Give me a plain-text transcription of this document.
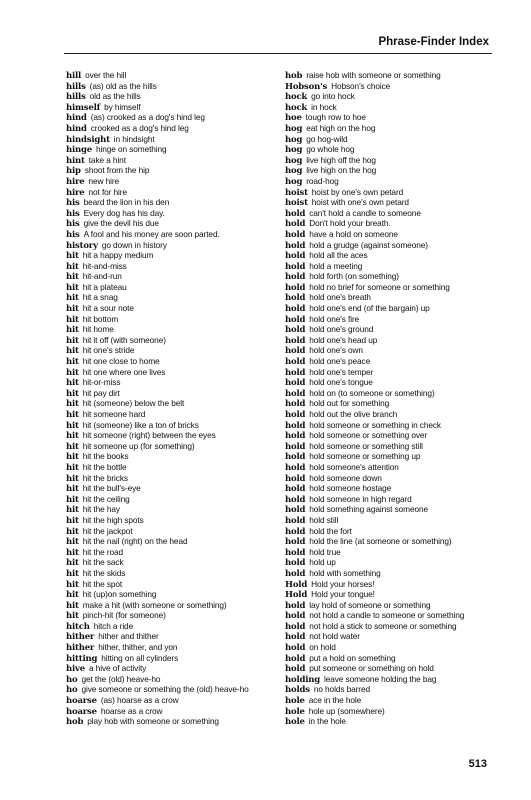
Phrase-Finder Index
hill over the hill
hills (as) old as the hills
hills old as the hills
himself by himself
hind (as) crooked as a dog's hind leg
hind crooked as a dog's hind leg
hindsight in hindsight
hinge hinge on something
hint take a hint
hip shoot from the hip
hire new hire
hire not for hire
his beard the lion in his den
his Every dog has his day.
his give the devil his due
his A fool and his money are soon parted.
history go down in history
hit hit a happy medium
hit hit-and-miss
hit hit-and-run
hit hit a plateau
hit hit a snag
hit hit a sour note
hit hit bottom
hit hit home
hit hit it off (with someone)
hit hit one's stride
hit hit one close to home
hit hit one where one lives
hit hit-or-miss
hit hit pay dirt
hit hit (someone) below the belt
hit hit someone hard
hit hit (someone) like a ton of bricks
hit hit someone (right) between the eyes
hit hit someone up (for something)
hit hit the books
hit hit the bottle
hit hit the bricks
hit hit the bull's-eye
hit hit the ceiling
hit hit the hay
hit hit the high spots
hit hit the jackpot
hit hit the nail (right) on the head
hit hit the road
hit hit the sack
hit hit the skids
hit hit the spot
hit hit (up)on something
hit make a hit (with someone or something)
hit pinch-hit (for someone)
hitch hitch a ride
hither hither and thither
hither hither, thither, and yon
hitting hitting on all cylinders
hive a hive of activity
ho get the (old) heave-ho
ho give someone or something the (old) heave-ho
hoarse (as) hoarse as a crow
hoarse hoarse as a crow
hob play hob with someone or something
hob raise hob with someone or something
Hobson's Hobson's choice
hock go into hock
hock in hock
hoe tough row to hoe
hog eat high on the hog
hog go hog-wild
hog go whole hog
hog live high off the hog
hog live high on the hog
hog road-hog
hoist hoist by one's own petard
hoist hoist with one's own petard
hold can't hold a candle to someone
hold Don't hold your breath.
hold have a hold on someone
hold hold a grudge (against someone)
hold hold all the aces
hold hold a meeting
hold hold forth (on something)
hold hold no brief for someone or something
hold hold one's breath
hold hold one's end (of the bargain) up
hold hold one's fire
hold hold one's ground
hold hold one's head up
hold hold one's own
hold hold one's peace
hold hold one's temper
hold hold one's tongue
hold hold on (to someone or something)
hold hold out for something
hold hold out the olive branch
hold hold someone or something in check
hold hold someone or something over
hold hold someone or something still
hold hold someone or something up
hold hold someone's attention
hold hold someone down
hold hold someone hostage
hold hold someone in high regard
hold hold something against someone
hold hold still
hold hold the fort
hold hold the line (at someone or something)
hold hold true
hold hold up
hold hold with something
Hold Hold your horses!
Hold Hold your tongue!
hold lay hold of someone or something
hold not hold a candle to someone or something
hold not hold a stick to someone or something
hold not hold water
hold on hold
hold put a hold on something
hold put someone or something on hold
holding leave someone holding the bag
holds no holds barred
hole ace in the hole
hole hole up (somewhere)
hole in the hole
513
